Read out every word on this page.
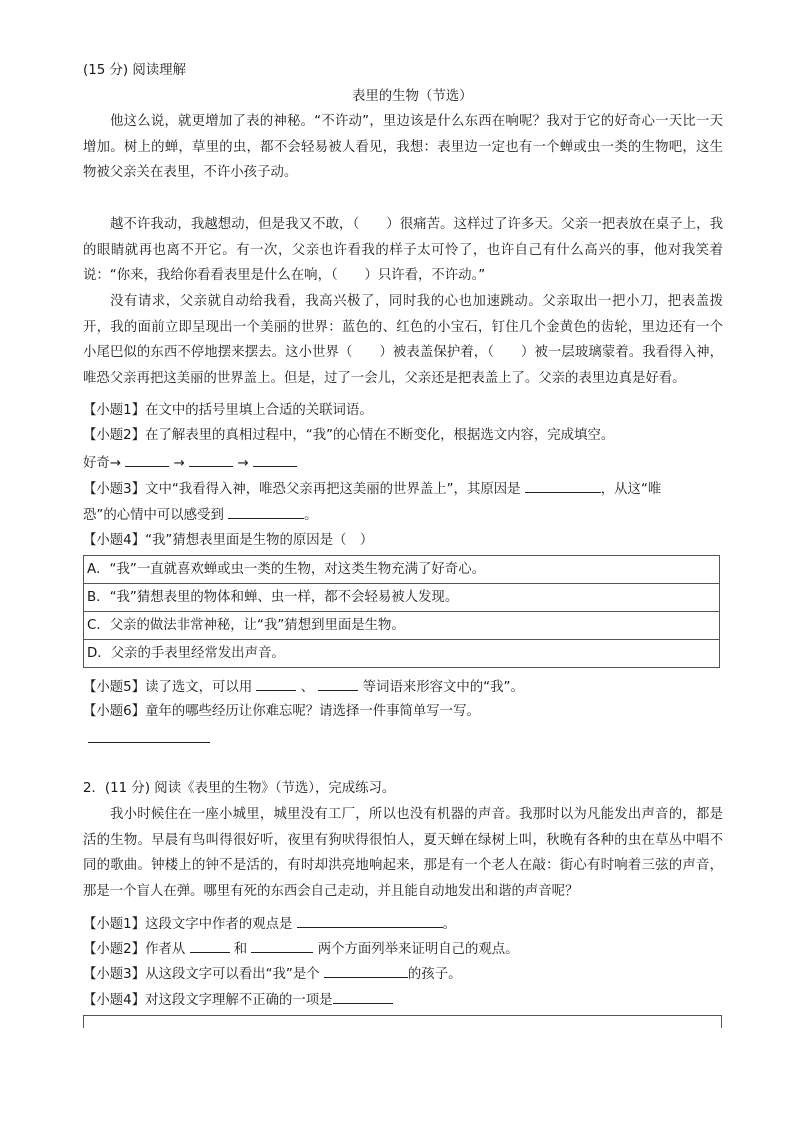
(15 分) 阅读理解
表里的生物（节选）
他这么说，就更增加了表的神秘。“不许动”，里边该是什么东西在响呢？我对于它的好奇心一天比一天增加。树上的蝉，草里的虫，都不会轻易被人看见，我想：表里边一定也有一个蝉或虫一类的生物吧，这生物被父亲关在表里，不许小孩子动。
越不许我动，我越想动，但是我又不敢，（　　）很痛苦。这样过了许多天。父亲一把表放在桌子上，我的眼睛就再也离不开它。有一次，父亲也许看我的样子太可怜了，也许自己有什么高兴的事，他对我笑着说：“你来，我给你看看表里是什么在响，（　　）只许看，不许动。”
没有请求，父亲就自动给我看，我高兴极了，同时我的心也加速跳动。父亲取出一把小刀，把表盖拨开，我的面前立即呈现出一个美丽的世界：蓝色的、红色的小宝石，钉住几个金黄色的齿轮，里边还有一个小尾巴似的东西不停地摆来摆去。这小世界（　　）被表盖保护着，（　　）被一层玻璃蒙着。我看得入神，唯恐父亲再把这美丽的世界盖上。但是，过了一会儿，父亲还是把表盖上了。父亲的表里边真是好看。
【小题1】在文中的括号里填上合适的关联词语。
【小题2】在了解表里的真相过程中，“我”的心情在不断变化，根据选文内容，完成填空。
好奇→	→	→
【小题3】文中“我看得入神，唯恐父亲再把这美丽的世界盖上”，其原因是	，从这“唯
恐”的心情中可以感受到	。
【小题4】“我”猜想表里面是生物的原因是（　）
A．“我”一直就喜欢蝉或虫一类的生物，对这类生物充满了好奇心。
B．“我”猜想表里的物体和蝉、虫一样，都不会轻易被人发现。
C．父亲的做法非常神秘，让“我”猜想到里面是生物。
D．父亲的手表里经常发出声音。
【小题5】读了选文，可以用	、	等词语来形容文中的“我”。
【小题6】童年的哪些经历让你难忘呢？请选择一件事简单写一写。
2．(11 分) 阅读《表里的生物》（节选），完成练习。
我小时候住在一座小城里，城里没有工厂，所以也没有机器的声音。我那时以为凡能发出声音的，都是活的生物。早晨有鸟叫得很好听，夜里有狗吠得很怕人，夏天蝉在绿树上叫，秋晚有各种的虫在草丛中唱不同的歌曲。钟楼上的钟不是活的，有时却洪亮地响起来，那是有一个老人在敲：街心有时响着三弦的声音，那是一个盲人在弹。哪里有死的东西会自己走动，并且能自动地发出和谐的声音呢？
【小题1】这段文字中作者的观点是	。
【小题2】作者从	和	两个方面列举来证明自己的观点。
【小题3】从这段文字可以看出“我”是个	的孩子。
【小题4】对这段文字理解不正确的一项是
